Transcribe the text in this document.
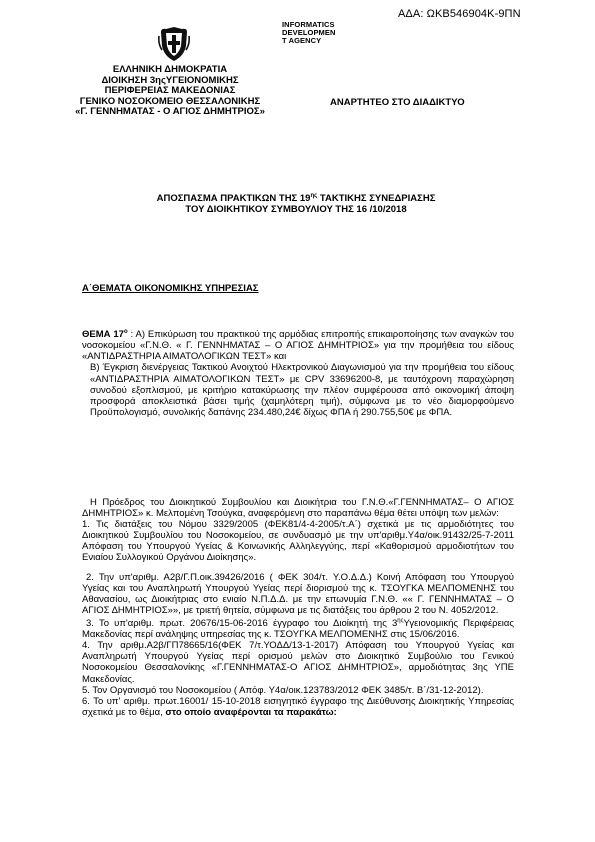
ΑΔΑ: ΩΚΒ546904Κ-9ΠΝ
INFORMATICS
DEVELOPMEN
T AGENCY
ΕΛΛΗΝΙΚΗ ΔΗΜΟΚΡΑΤΙΑ
ΔΙΟΙΚΗΣΗ 3ηςΥΓΕΙΟΝΟΜΙΚΗΣ
ΠΕΡΙΦΕΡΕΙΑΣ ΜΑΚΕΔΟΝΙΑΣ
ΓΕΝΙΚΟ ΝΟΣΟΚΟΜΕΙΟ ΘΕΣΣΑΛΟΝΙΚΗΣ
«Γ. ΓΕΝΝΗΜΑΤΑΣ - Ο ΑΓΙΟΣ ΔΗΜΗΤΡΙΟΣ»
ΑΝΑΡΤΗΤΕΟ ΣΤΟ ΔΙΑΔΙΚΤΥΟ
ΑΠΟΣΠΑΣΜΑ ΠΡΑΚΤΙΚΩΝ ΤΗΣ $19^{\eta\varsigma}$ ΤΑΚΤΙΚΗΣ ΣΥΝΕΔΡΙΑΣΗΣ
ΤΟΥ ΔΙΟΙΚΗΤΙΚΟΥ ΣΥΜΒΟΥΛΙΟΥ ΤΗΣ 16 /10/2018
Α΄ΘΕΜΑΤΑ ΟΙΚΟΝΟΜΙΚΗΣ ΥΠΗΡΕΣΙΑΣ
ΘΕΜΑ $17^o$ : Α) Επικύρωση του πρακτικού της αρμόδιας επιτροπής επικαιροποίησης των αναγκών του νοσοκομείου «Γ.Ν.Θ. « Γ. ΓΕΝΝΗΜΑΤΑΣ – Ο ΑΓΙΟΣ ΔΗΜΗΤΡΙΟΣ» για την προμήθεια του είδους «ΑΝΤΙΔΡΑΣΤΗΡΙΑ ΑΙΜΑΤΟΛΟΓΙΚΩΝ ΤΕΣΤ» και
Β) Έγκριση διενέργειας Τακτικού Ανοιχτού Ηλεκτρονικού Διαγωνισμού για την προμήθεια του είδους «ΑΝΤΙΔΡΑΣΤΗΡΙΑ ΑΙΜΑΤΟΛΟΓΙΚΩΝ ΤΕΣΤ» με CPV 33696200-8, με ταυτόχρονη παραχώρηση συνοδού εξοπλισμού, με κριτήριο κατακύρωσης την πλέον συμφέρουσα από οικονομική άποψη προσφορά αποκλειστικά βάσει τιμής (χαμηλότερη τιμή), σύμφωνα με το νέο διαμορφούμενο Προϋπολογισμό, συνολικής δαπάνης 234.480,24€ δίχως ΦΠΑ ή 290.755,50€ με ΦΠΑ.
Η Πρόεδρος του Διοικητικού Συμβουλίου και Διοικήτρια του Γ.Ν.Θ.«Γ.ΓΕΝΝΗΜΑΤΑΣ– Ο ΑΓΙΟΣ ΔΗΜΗΤΡΙΟΣ» κ. Μελπομένη Τσούγκα, αναφερόμενη στο παραπάνω θέμα θέτει υπόψη των μελών:
1. Τις διατάξεις του Νόμου 3329/2005 (ΦΕΚ81/4-4-2005/τ.Α΄) σχετικά με τις αρμοδιότητες του Διοικητικού Συμβουλίου του Νοσοκομείου, σε συνδυασμό με την υπ'αριθμ.Υ4α/οικ.91432/25-7-2011 Απόφαση του Υπουργού Υγείας & Κοινωνικής Αλληλεγγύης, περί «Καθορισμού αρμοδιοτήτων του Ενιαίου Συλλογικού Οργάνου Διοίκησης».
2. Την υπ'αριθμ. Α2β/Γ.Π.οικ.39426/2016 ( ΦΕΚ 304/τ. Υ.Ο.Δ.Δ.) Κοινή Απόφαση του Υπουργού Υγείας και του Αναπληρωτή Υπουργού Υγείας περί διορισμού της κ. ΤΣΟΥΓΚΑ ΜΕΛΠΟΜΕΝΗΣ του Αθανασίου, ως Διοικήτριας στο ενιαίο Ν.Π.Δ.Δ. με την επωνυμία Γ.Ν.Θ. «« Γ. ΓΕΝΝΗΜΑΤΑΣ – Ο ΑΓΙΟΣ ΔΗΜΗΤΡΙΟΣ»», με τριετή θητεία, σύμφωνα με τις διατάξεις του άρθρου 2 του Ν. 4052/2012.
3. Το υπ'αριθμ. πρωτ. 20676/15-06-2016 έγγραφο του Διοίκητή της $3^{\eta\varsigma}\Upsilon\gamma\varepsilon\iota o\nu o\mu\iota\kappa ή\varsigma$ Περιφέρειας Μακεδονίας περί ανάληψης υπηρεσίας της κ. ΤΣΟΥΓΚΑ ΜΕΛΠΟΜΕΝΗΣ στις 15/06/2016.
4. Την αριθμ.Α2β/ΓΠ78665/16(ΦΕΚ 7/τ.ΥΟΔΔ/13-1-2017) Απόφαση του Υπουργού Υγείας και Αναπληρωτή Υπουργού Υγείας περί ορισμού μελών στο Διοικητικό Συμβούλιο του Γενικού Νοσοκομείου Θεσσαλονίκης «Γ.ΓΕΝΝΗΜΑΤΑΣ-Ο ΑΓΙΟΣ ΔΗΜΗΤΡΙΟΣ», αρμοδιότητας 3ης ΥΠΕ Μακεδονίας.
5. Τον Οργανισμό του Νοσοκομείου ( Απόφ. Υ4α/οικ.123783/2012 ΦΕΚ 3485/τ. Β΄/31-12-2012).
6. Το υπ' αριθμ. πρωτ.16001/ 15-10-2018 εισηγητικό έγγραφο της Διεύθυνσης Διοικητικής Υπηρεσίας σχετικά με το θέμα, στο οποίο αναφέρονται τα παρακάτω:
